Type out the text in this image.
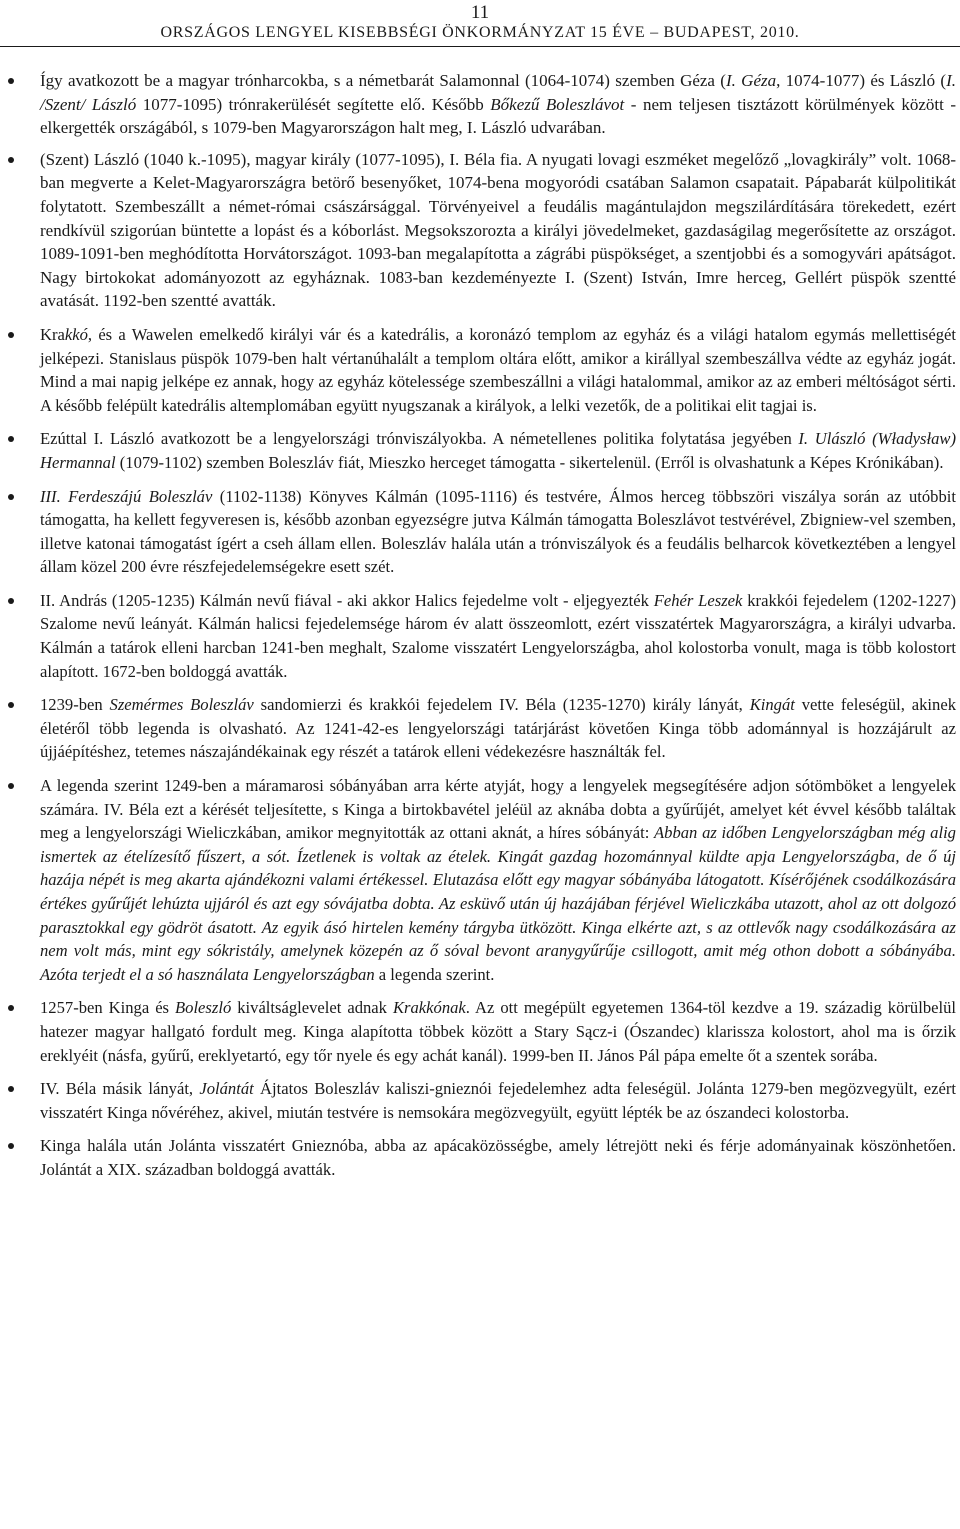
11
ORSZÁGOS LENGYEL KISEBBSÉGI ÖNKORMÁNYZAT 15 ÉVE – BUDAPEST, 2010.
Így avatkozott be a magyar trónharcokba, s a németbarát Salamonnal (1064-1074) szemben Géza (I. Géza, 1074-1077) és László (I. /Szent/ László 1077-1095) trónrakerülését segítette elő. Később Bőkezű Boleszlávot - nem teljesen tisztázott körülmények között - elkergették országából, s 1079-ben Magyarországon halt meg, I. László udvarában.
(Szent) László (1040 k.-1095), magyar király (1077-1095), I. Béla fia. A nyugati lovagi eszméket megelőző „lovagkirály” volt. 1068-ban megverte a Kelet-Magyarországra betörő besenyőket, 1074-bena mogyoródi csatában Salamon csapatait. Pápabarát külpolitikát folytatott. Szembeszállt a német-római császársággal. Törvényeivel a feudális magántulajdon megszilárdítására törekedett, ezért rendkívül szigorúan büntette a lopást és a kóborlást. Megsokszorozta a királyi jövedelmeket, gazdaságilag megerősítette az országot. 1089-1091-ben meghódította Horvátországot. 1093-ban megalapította a zágrábi püspökséget, a szentjobbi és a somogyvári apátságot. Nagy birtokokat adományozott az egyháznak. 1083-ban kezdeményezte I. (Szent) István, Imre herceg, Gellért püspök szentté avatását. 1192-ben szentté avatták.
Krakkó, és a Wawelen emelkedő királyi vár és a katedrális, a koronázó templom az egyház és a világi hatalom egymás mellettiségét jelképezi. Stanislaus püspök 1079-ben halt vértanúhalált a templom oltára előtt, amikor a királlyal szembeszállva védte az egyház jogát. Mind a mai napig jelképe ez annak, hogy az egyház kötelessége szembeszállni a világi hatalommal, amikor az az emberi méltóságot sérti. A később felépült katedrális altemplomában együtt nyugszanak a királyok, a lelki vezetők, de a politikai elit tagjai is.
Ezúttal I. László avatkozott be a lengyelországi trónviszályokba. A németellenes politika folytatása jegyében I. Ulászló (Władysław) Hermannal (1079-1102) szemben Boleszláv fiát, Mieszko herceget támogatta - sikertelenül. (Erről is olvashatunk a Képes Krónikában).
III. Ferdeszájú Boleszláv (1102-1138) Könyves Kálmán (1095-1116) és testvére, Álmos herceg többszöri viszálya során az utóbbit támogatta, ha kellett fegyveresen is, később azonban egyezségre jutva Kálmán támogatta Boleszlávot testvérével, Zbigniew-vel szemben, illetve katonai támogatást ígért a cseh állam ellen. Boleszláv halála után a trónviszályok és a feudális belharcok következtében a lengyel állam közel 200 évre részfejedelemségekre esett szét.
II. András (1205-1235) Kálmán nevű fiával - aki akkor Halics fejedelme volt - eljegyezték Fehér Leszek krakkói fejedelem (1202-1227) Szalome nevű leányát. Kálmán halicsi fejedelemsége három év alatt összeomlott, ezért visszatértek Magyarországra, a királyi udvarba. Kálmán a tatárok elleni harcban 1241-ben meghalt, Szalome visszatért Lengyelországba, ahol kolostorba vonult, maga is több kolostort alapított. 1672-ben boldoggá avatták.
1239-ben Szemérmes Boleszláv sandomierzi és krakkói fejedelem IV. Béla (1235-1270) király lányát, Kingát vette feleségül, akinek életéről több legenda is olvasható. Az 1241-42-es lengyelországi tatárjárást követően Kinga több adománnyal is hozzájárult az újjáépítéshez, tetemes nászajándékainak egy részét a tatárok elleni védekezésre használták fel.
A legenda szerint 1249-ben a máramarosi sóbányában arra kérte atyját, hogy a lengyelek megsegítésére adjon sótömböket a lengyelek számára. IV. Béla ezt a kérését teljesítette, s Kinga a birtokbavétel jeléül az aknába dobta a gyűrűjét, amelyet két évvel később találtak meg a lengyelországi Wieliczkában, amikor megnyitották az ottani aknát, a híres sóbányát: Abban az időben Lengyelországban még alig ismertek az ételízesítő fűszert, a sót. Ízetlenek is voltak az ételek. Kingát gazdag hozománnyal küldte apja Lengyelországba, de ő új hazája népét is meg akarta ajándékozni valami értékessel. Elutazása előtt egy magyar sóbányába látogatott. Kísérőjének csodálkozására értékes gyűrűjét lehúzta ujjáról és azt egy sóvájatba dobta. Az esküvő után új hazájában férjével Wieliczkába utazott, ahol az ott dolgozó parasztokkal egy gödröt ásatott. Az egyik ásó hirtelen kemény tárgyba ütközött. Kinga elkérte azt, s az ottlevők nagy csodálkozására az nem volt más, mint egy sókristály, amelynek közepén az ő sóval bevont aranygyűrűje csillogott, amit még othon dobott a sóbányába. Azóta terjedt el a só használata Lengyelországban a legenda szerint.
1257-ben Kinga és Boleszló kiváltságlevelet adnak Krakkónak. Az ott megépült egyetemen 1364-töl kezdve a 19. századig körülbelül hatezer magyar hallgató fordult meg. Kinga alapította többek között a Stary Sącz-i (Ószandec) klarissza kolostort, ahol ma is őrzik ereklyéit (násfa, gyűrű, ereklyetartó, egy tőr nyele és egy achát kanál). 1999-ben II. János Pál pápa emelte őt a szentek sorába.
IV. Béla másik lányát, Jolántát Ájtatos Boleszláv kaliszi-gnieznói fejedelemhez adta feleségül. Jolánta 1279-ben megözvegyült, ezért visszatért Kinga nővéréhez, akivel, miután testvére is nemsokára megözvegyült, együtt lépték be az ószandeci kolostorba.
Kinga halála után Jolánta visszatért Gnieznóba, abba az apácaközösségbe, amely létrejött neki és férje adományainak köszönhetően. Jolántát a XIX. században boldoggá avatták.
